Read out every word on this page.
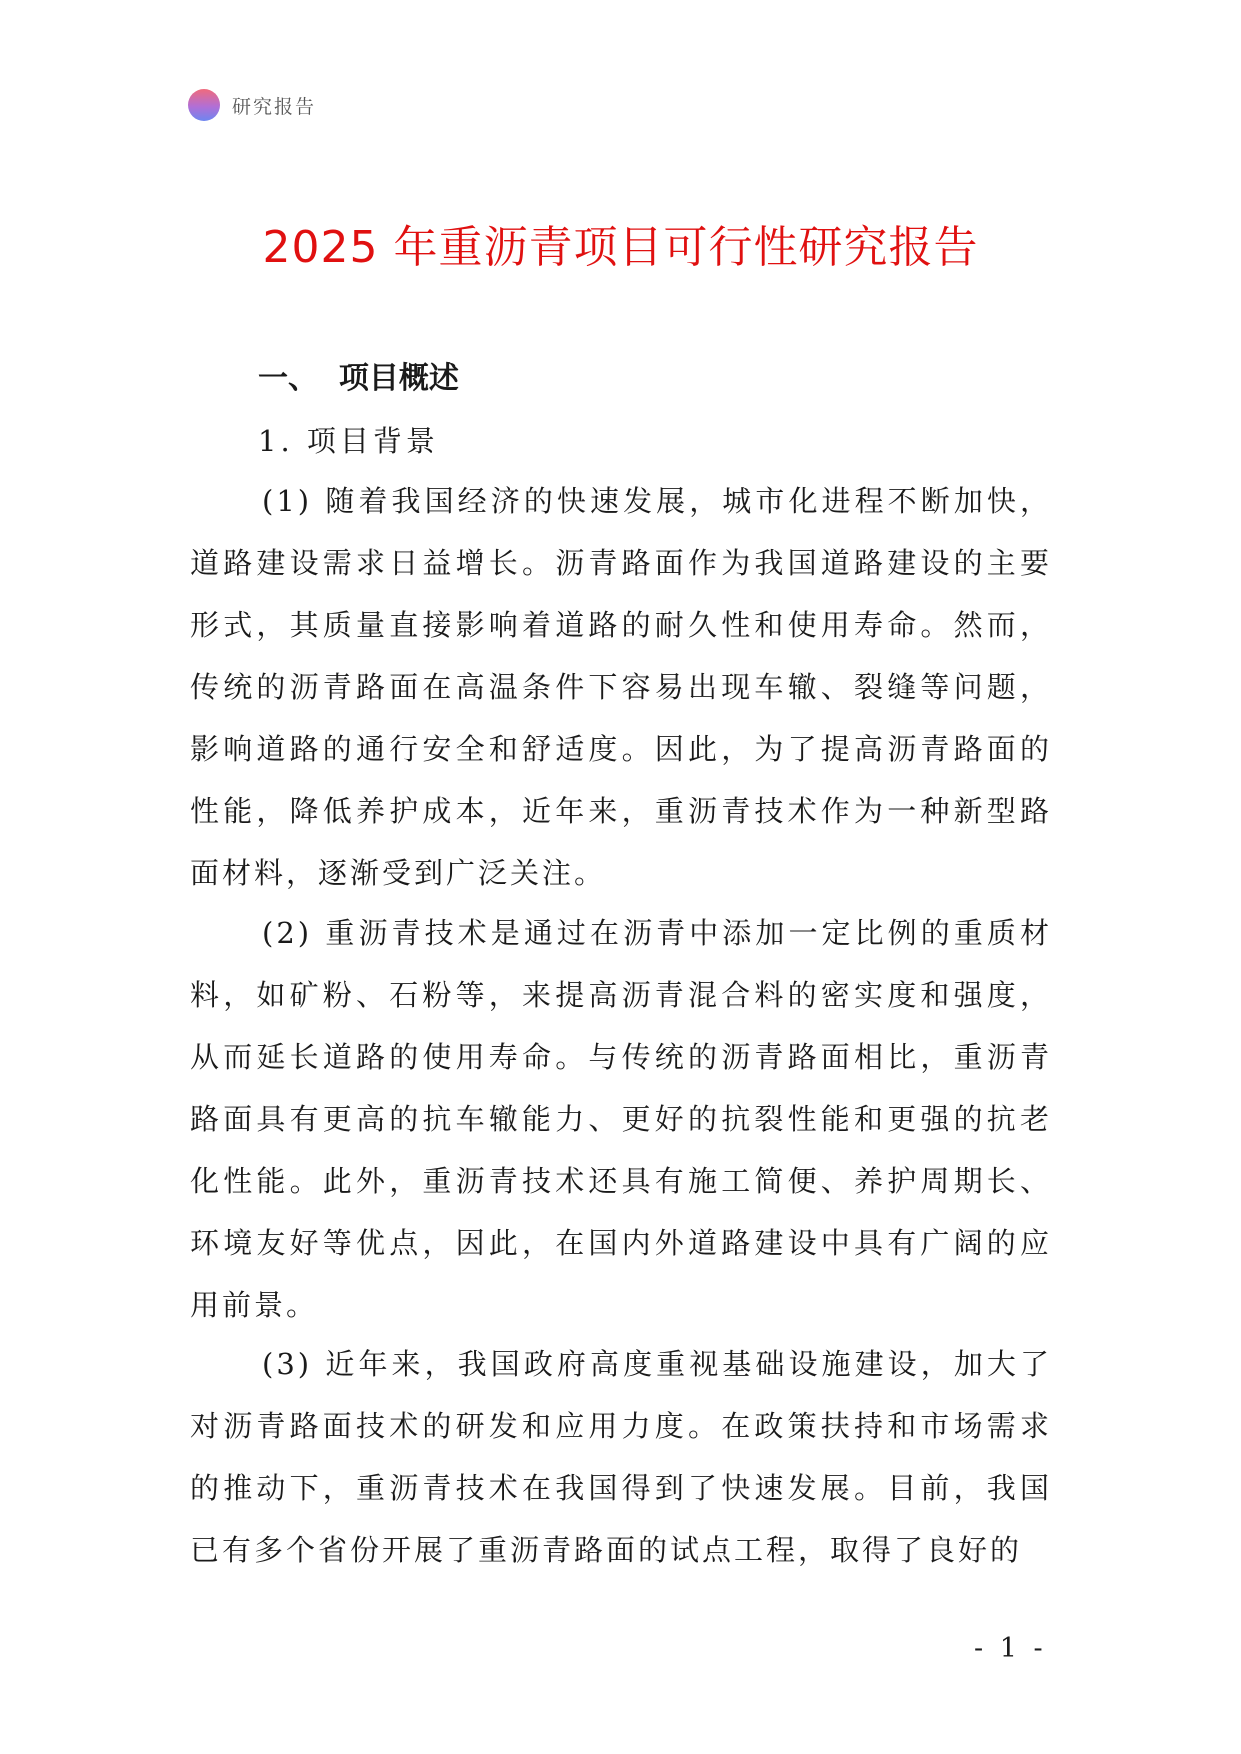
研究报告
2025 年重沥青项目可行性研究报告
一、  项目概述
1. 项目背景

(1) 随着我国经济的快速发展，城市化进程不断加快，道路建设需求日益增长。沥青路面作为我国道路建设的主要形式，其质量直接影响着道路的耐久性和使用寿命。然而，传统的沥青路面在高温条件下容易出现车辙、裂缝等问题，影响道路的通行安全和舒适度。因此，为了提高沥青路面的性能，降低养护成本，近年来，重沥青技术作为一种新型路面材料，逐渐受到广泛关注。

(2) 重沥青技术是通过在沥青中添加一定比例的重质材料，如矿粉、石粉等，来提高沥青混合料的密实度和强度，从而延长道路的使用寿命。与传统的沥青路面相比，重沥青路面具有更高的抗车辙能力、更好的抗裂性能和更强的抗老化性能。此外，重沥青技术还具有施工简便、养护周期长、环境友好等优点，因此，在国内外道路建设中具有广阔的应用前景。

(3) 近年来，我国政府高度重视基础设施建设，加大了对沥青路面技术的研发和应用力度。在政策扶持和市场需求的推动下，重沥青技术在我国得到了快速发展。目前，我国已有多个省份开展了重沥青路面的试点工程，取得了良好的

- 1 -
